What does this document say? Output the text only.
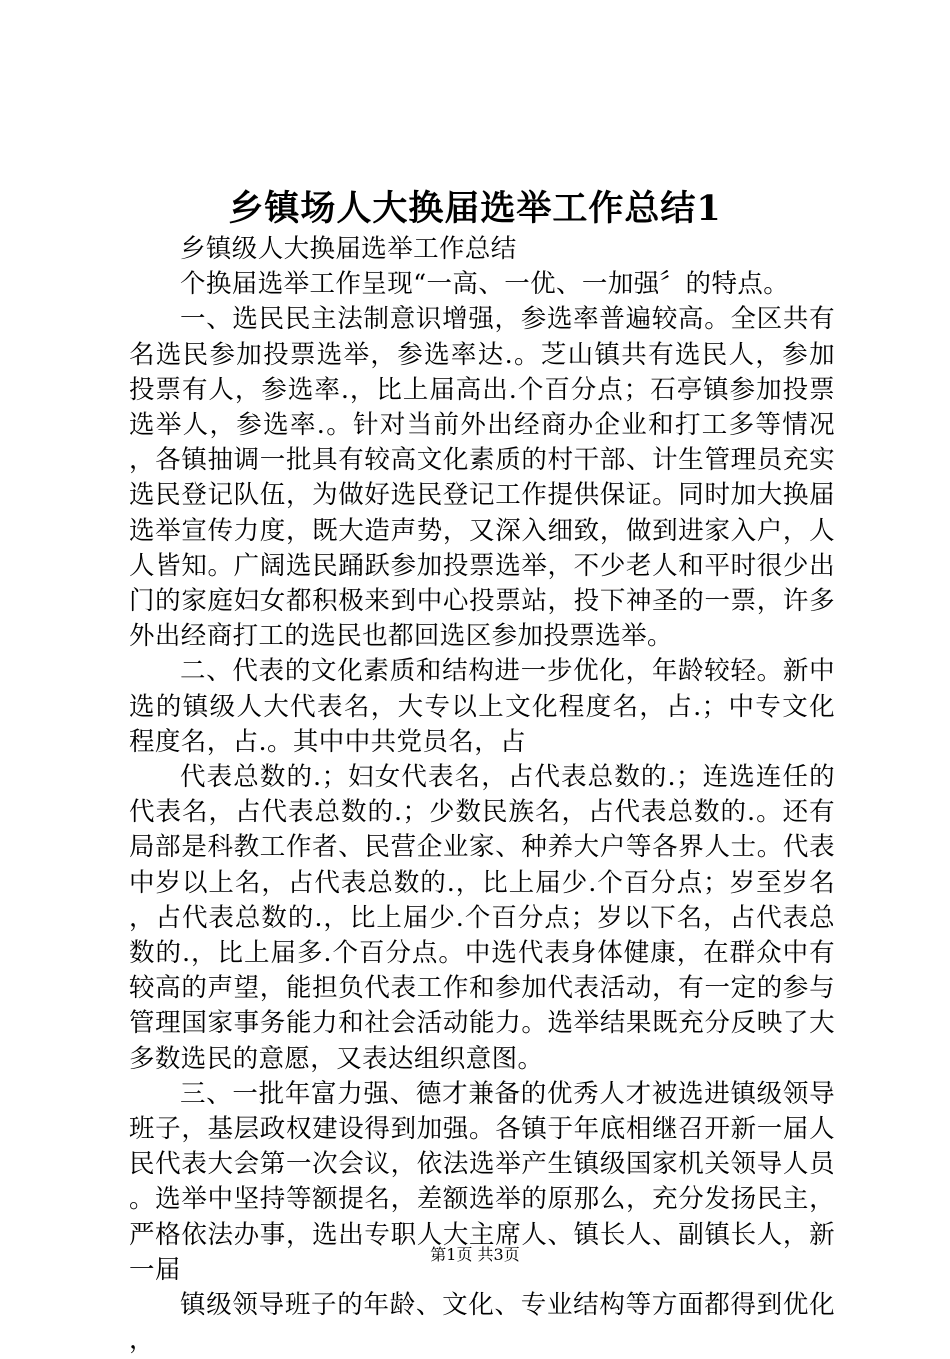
乡镇场人大换届选举工作总结1

乡镇级人大换届选举工作总结

个换届选举工作呈现“一高、一优、一加强〞的特点。

一、选民民主法制意识增强，参选率普遍较高。全区共有名选民参加投票选举，参选率达.。芝山镇共有选民人，参加投票有人，参选率.，比上届高出.个百分点；石亭镇参加投票选举人，参选率.。针对当前外出经商办企业和打工多等情况，各镇抽调一批具有较高文化素质的村干部、计生管理员充实选民登记队伍，为做好选民登记工作提供保证。同时加大换届选举宣传力度，既大造声势，又深入细致，做到进家入户，人人皆知。广阔选民踊跃参加投票选举，不少老人和平时很少出门的家庭妇女都积极来到中心投票站，投下神圣的一票，许多外出经商打工的选民也都回选区参加投票选举。

二、代表的文化素质和结构进一步优化，年龄较轻。新中选的镇级人大代表名，大专以上文化程度名，占.；中专文化程度名，占.。其中中共党员名，占

代表总数的.；妇女代表名，占代表总数的.；连选连任的代表名，占代表总数的.；少数民族名，占代表总数的.。还有局部是科教工作者、民营企业家、种养大户等各界人士。代表中岁以上名，占代表总数的.，比上届少.个百分点；岁至岁名，占代表总数的.，比上届少.个百分点；岁以下名，占代表总数的.，比上届多.个百分点。中选代表身体健康，在群众中有较高的声望，能担负代表工作和参加代表活动，有一定的参与管理国家事务能力和社会活动能力。选举结果既充分反映了大多数选民的意愿，又表达组织意图。

三、一批年富力强、德才兼备的优秀人才被选进镇级领导班子，基层政权建设得到加强。各镇于年底相继召开新一届人民代表大会第一次会议，依法选举产生镇级国家机关领导人员。选举中坚持等额提名，差额选举的原那么，充分发扬民主，严格依法办事，选出专职人大主席人、镇长人、副镇长人，新一届

镇级领导班子的年龄、文化、专业结构等方面都得到优化，

第1页 共3页
